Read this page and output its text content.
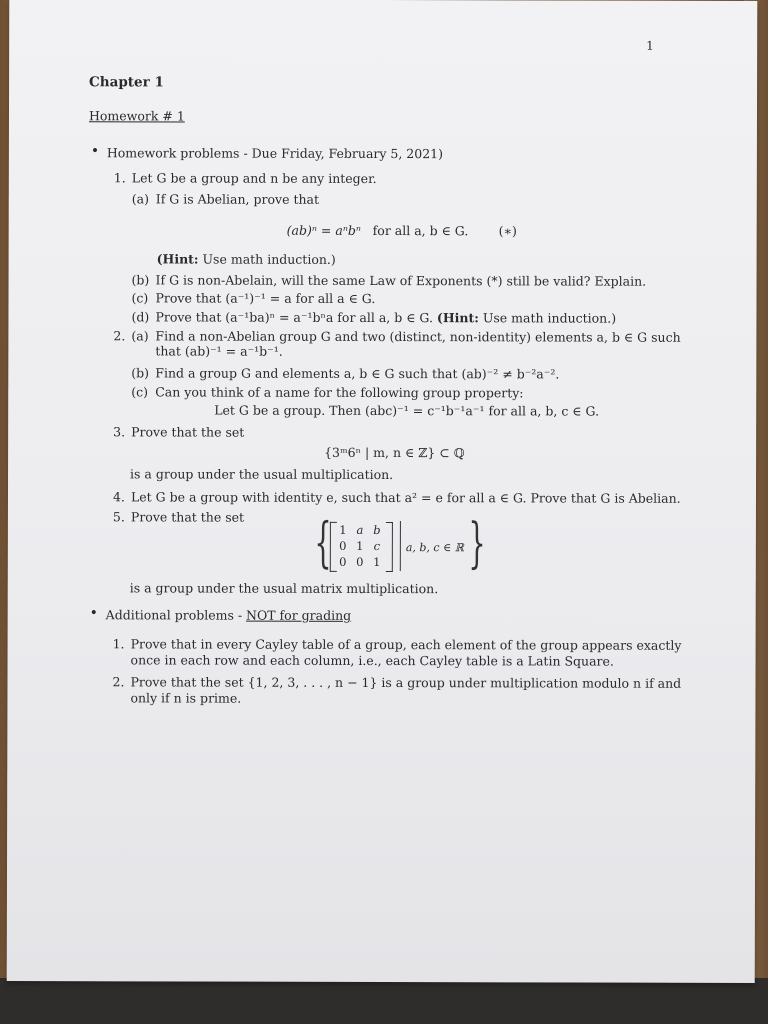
1
Chapter 1
Homework # 1
• Homework problems - Due Friday, February 5, 2021)
1. Let G be a group and n be any integer.
(a) If G is Abelian, prove that
(ab)ⁿ = aⁿbⁿ for all a, b ∈ G. (∗)
(Hint: Use math induction.)
(b) If G is non-Abelain, will the same Law of Exponents (*) still be valid? Explain.
(c) Prove that (a⁻¹)⁻¹ = a for all a ∈ G.
(d) Prove that (a⁻¹ba)ⁿ = a⁻¹bⁿa for all a, b ∈ G. (Hint: Use math induction.)
2. (a) Find a non-Abelian group G and two (distinct, non-identity) elements a, b ∈ G such
that (ab)⁻¹ = a⁻¹b⁻¹.
(b) Find a group G and elements a, b ∈ G such that (ab)⁻² ≠ b⁻²a⁻².
(c) Can you think of a name for the following group property:
Let G be a group. Then (abc)⁻¹ = c⁻¹b⁻¹a⁻¹ for all a, b, c ∈ G.
3. Prove that the set
{3ᵐ6ⁿ | m, n ∈ ℤ} ⊂ ℚ
is a group under the usual multiplication.
4. Let G be a group with identity e, such that a² = e for all a ∈ G. Prove that G is Abelian.
5. Prove that the set { 1 a b
0 1 c
0 0 1
a, b, c ∈ ℝ }
is a group under the usual matrix multiplication.
• Additional problems - NOT for grading
1. Prove that in every Cayley table of a group, each element of the group appears exactly
once in each row and each column, i.e., each Cayley table is a Latin Square.
2. Prove that the set {1, 2, 3, . . . , n − 1} is a group under multiplication modulo n if and
only if n is prime.
